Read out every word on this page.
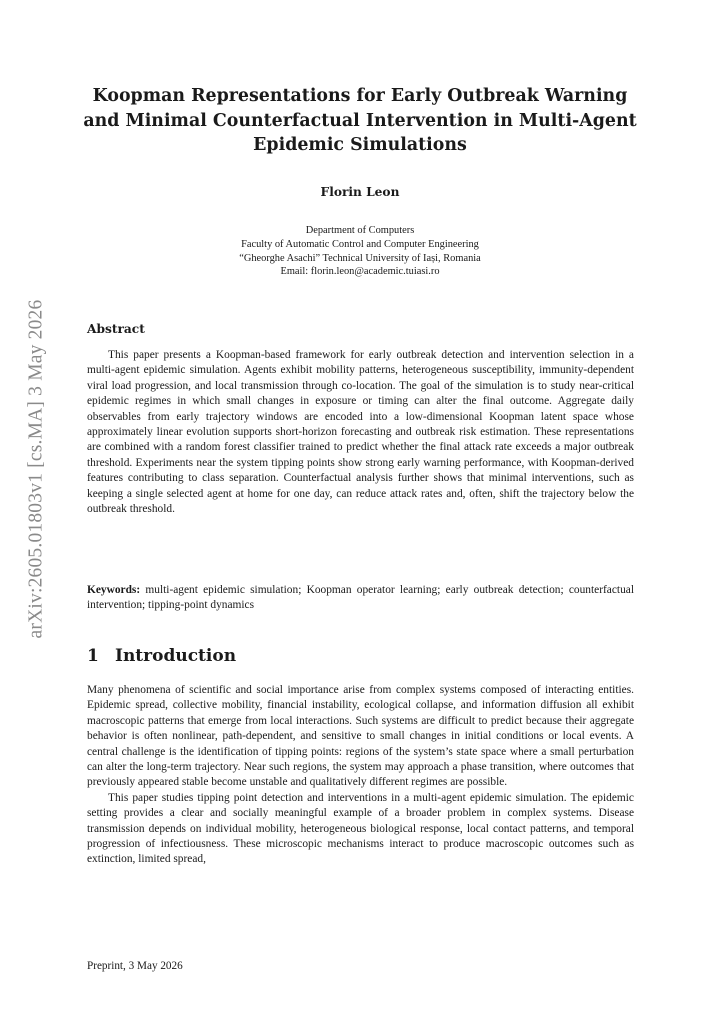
arXiv:2605.01803v1 [cs.MA] 3 May 2026
Koopman Representations for Early Outbreak Warning and Minimal Counterfactual Intervention in Multi-Agent Epidemic Simulations
Florin Leon
Department of Computers
Faculty of Automatic Control and Computer Engineering
“Gheorghe Asachi” Technical University of Iași, Romania
Email: florin.leon@academic.tuiasi.ro
Abstract

This paper presents a Koopman-based framework for early outbreak detection and intervention selection in a multi-agent epidemic simulation. Agents exhibit mobility patterns, heterogeneous susceptibility, immunity-dependent viral load progression, and local transmission through co-location. The goal of the simulation is to study near-critical epidemic regimes in which small changes in exposure or timing can alter the final outcome. Aggregate daily observables from early trajectory windows are encoded into a low-dimensional Koopman latent space whose approximately linear evolution supports short-horizon forecasting and outbreak risk estimation. These representations are combined with a random forest classifier trained to predict whether the final attack rate exceeds a major outbreak threshold. Experiments near the system tipping points show strong early warning performance, with Koopman-derived features contributing to class separation. Counterfactual analysis further shows that minimal interventions, such as keeping a single selected agent at home for one day, can reduce attack rates and, often, shift the trajectory below the outbreak threshold.

Keywords: multi-agent epidemic simulation; Koopman operator learning; early outbreak detection; counterfactual intervention; tipping-point dynamics
1 Introduction

Many phenomena of scientific and social importance arise from complex systems composed of interacting entities. Epidemic spread, collective mobility, financial instability, ecological collapse, and information diffusion all exhibit macroscopic patterns that emerge from local interactions. Such systems are difficult to predict because their aggregate behavior is often nonlinear, path-dependent, and sensitive to small changes in initial conditions or local events. A central challenge is the identification of tipping points: regions of the system’s state space where a small perturbation can alter the long-term trajectory. Near such regions, the system may approach a phase transition, where outcomes that previously appeared stable become unstable and qualitatively different regimes are possible.

This paper studies tipping point detection and interventions in a multi-agent epidemic simulation. The epidemic setting provides a clear and socially meaningful example of a broader problem in complex systems. Disease transmission depends on individual mobility, heterogeneous biological response, local contact patterns, and temporal progression of infectiousness. These microscopic mechanisms interact to produce macroscopic outcomes such as extinction, limited spread,

Preprint, 3 May 2026
